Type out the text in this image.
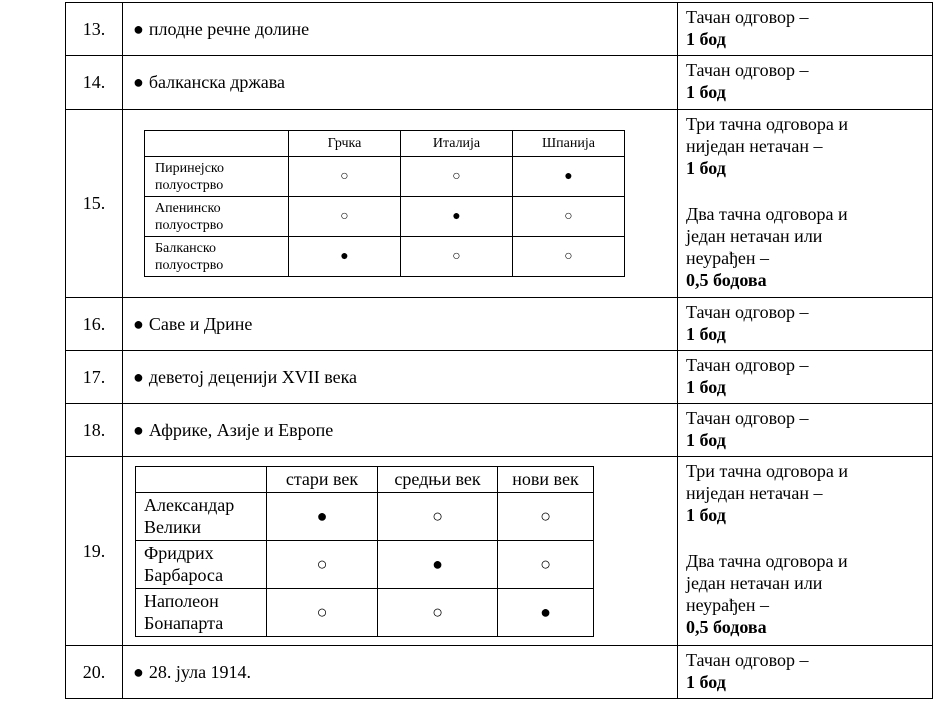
13.	● плодне речне долине	
Тачан одговор –
1 бод

14.	● балканска држава	
Тачан одговор –
1 бод

15.	
	Грчка	Италија	Шпанија

Пиринејско
полуострво
	○	○	●

Апенинско
полуострво
	○	●	○

Балканско
полуострво
	●	○	○

Три тачна одговора и
ниједан нетачан –
1 бод
Два тачна одговора и
један нетачан или
неурађен –
0,5 бодова

16.	● Саве и Дрине	
Тачан одговор –
1 бод

17.	● деветој деценији XVII века	
Тачан одговор –
1 бод

18.	● Африке, Азије и Европе	
Тачан одговор –
1 бод

19.	
	стари век	средњи век	нови век

Александар
Велики
	●	○	○

Фридрих
Барбароса
	○	●	○

Наполеон
Бонапарта
	○	○	●

Три тачна одговора и
ниједан нетачан –
1 бод
Два тачна одговора и
један нетачан или
неурађен –
0,5 бодова

20.	● 28. јула 1914.	
Тачан одговор –
1 бод
